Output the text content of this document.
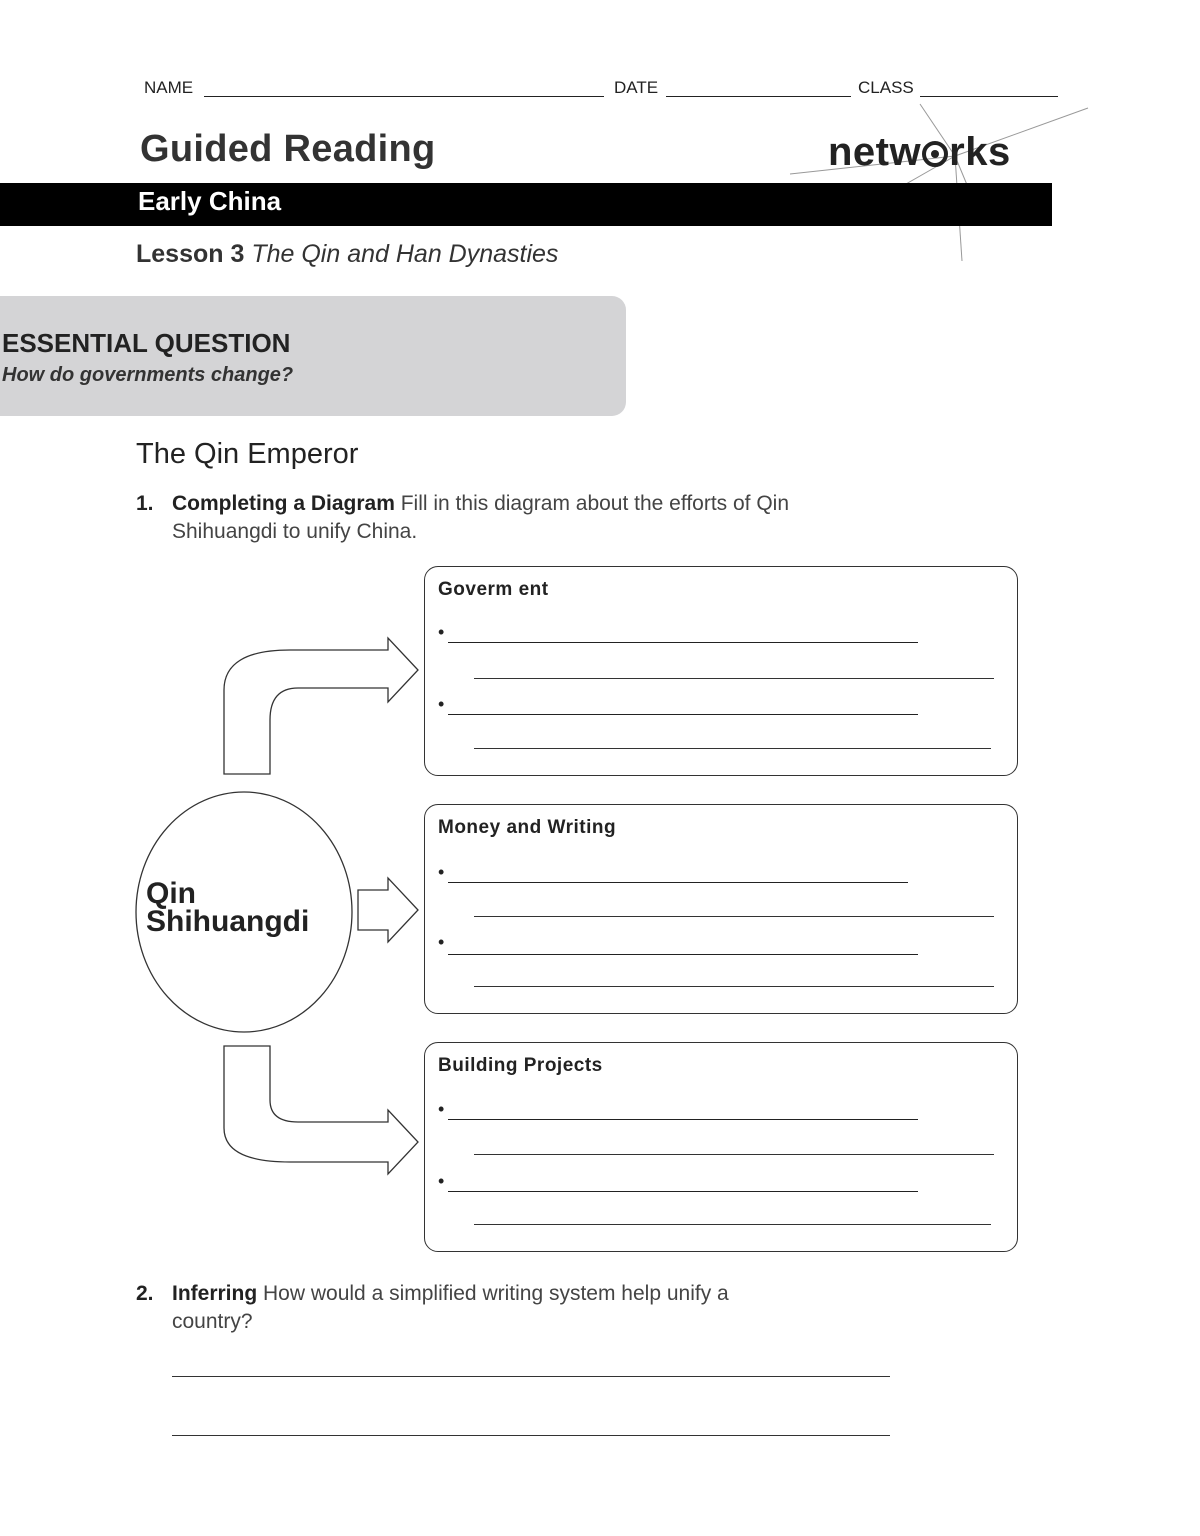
NAME	DATE	CLASS
Guided Reading	netw rks
Early China
Lesson 3 The Qin and Han Dynasties
ESSENTIAL QUESTION
How do governments change?
The Qin Emperor
1. Completing a Diagram Fill in this diagram about the efforts of Qin Shihuangdi to unify China.
Qin
Shihuangdi
Goverm ent
•
•
Money and Writing
•
•
Building Projects
•
•
2. Inferring How would a simplified writing system help unify a country?
